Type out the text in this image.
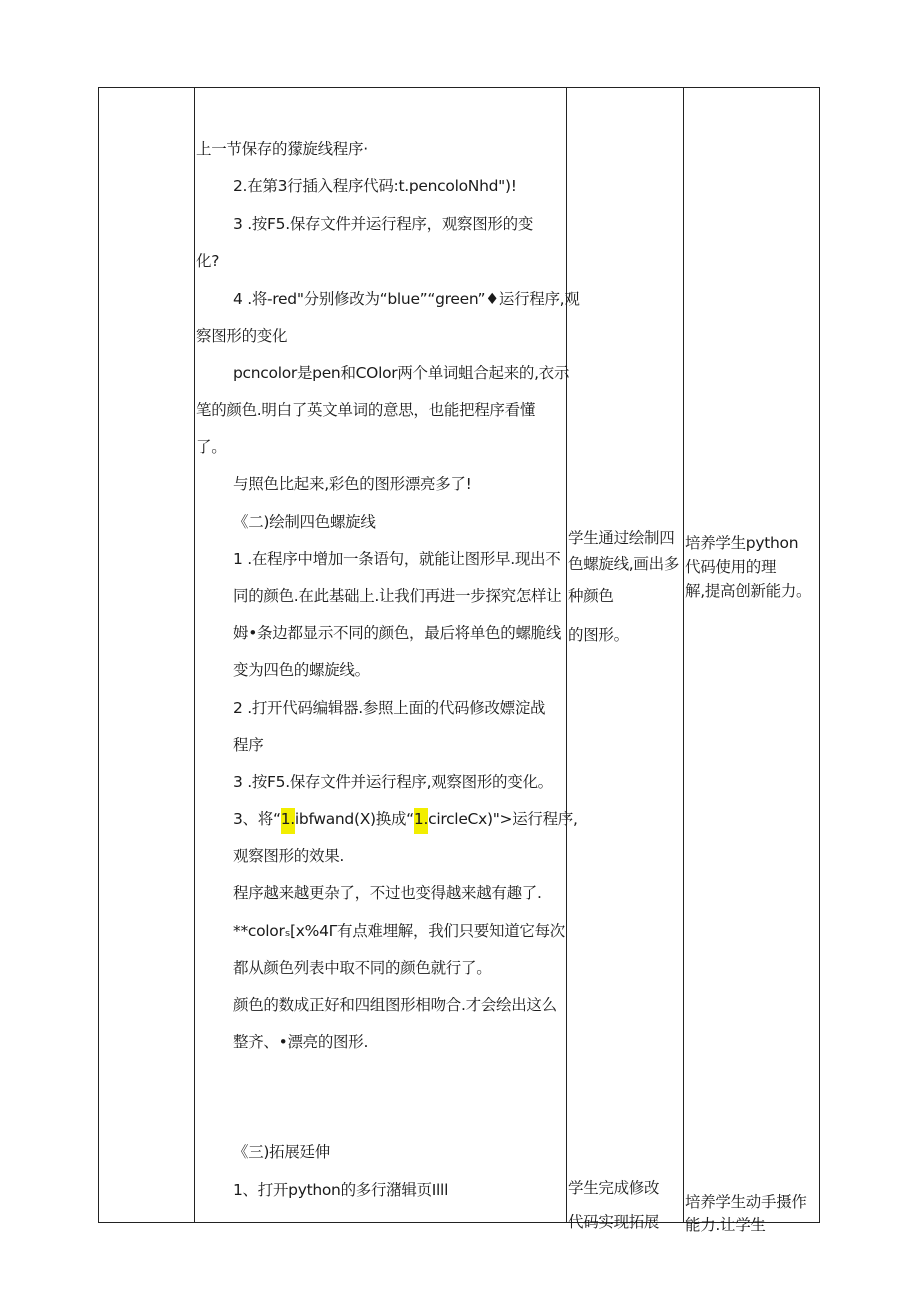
上一节保存的獴旋线程序·
2.在第3行插入程序代码:t.pencoloNhd")!
3 .按F5.保存文件并运行程序，观察图形的变
化?
4 .将-red"分别修改为“blue”“green”♦运行程序,观
察图形的变化
pcncolor是pen和COlor两个单词蛆合起来的,衣示
笔的颜色.明白了英文单词的意思，也能把程序看懂
了。
与照色比起来,彩色的图形漂亮多了!
《二)绘制四色螺旋线
1 .在程序中增加一条语句，就能让图形早.现出不
同的颜色.在此基础上.让我们再进一步探究怎样让
姆•条边都显示不同的颜色，最后将单色的螺脆线
变为四色的螺旋线。
2 .打开代码编辑器.参照上面的代码修改嫖淀战
程序
3 .按F5.保存文件并运行程序,观察图形的变化。
3、将“1.ibfwand(X)换成“1.circleCx)">运行程序,
观察图形的效果.
程序越来越更杂了，不过也变得越来越有趣了.
**colorₛ[x%4Γ有点难埋解，我们只要知道它每次
都从颜色列表中取不同的颜色就行了。
颜色的数成正好和四组图形相吻合.才会绘出这么
整齐、•漂亮的图形.
《三)拓展廷伸
1、打开python的多行潴辑页Illl
学生通过绘制四
色螺旋线,画出多
种颜色
的图形。
学生完成修改
代码实现拓展
培养学生python
代码使用的理
解,提高创新能力。
培养学生动手摄作
能力.让学生
